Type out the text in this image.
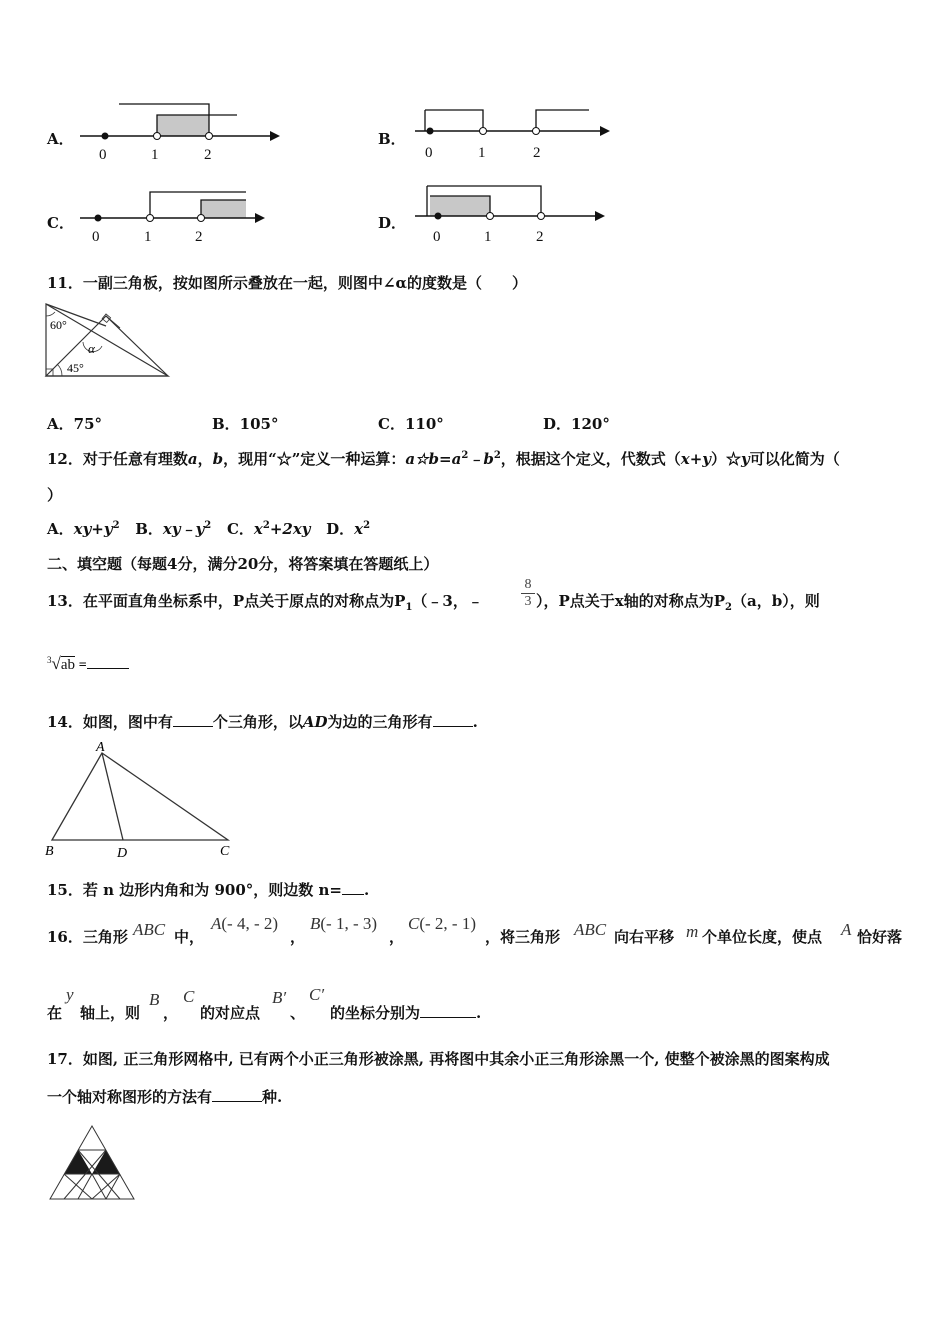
A．
0	1	2
B．
0	1	2
C．
0	1	2
D．
0	1	2
11．一副三角板，按如图所示叠放在一起，则图中∠α的度数是（　　）
60°
45°
α
A．75°	B．105°	C．110°	D．120°
12．对于任意有理数a，b，现用“☆”定义一种运算：$a☆b=a^2﹣b^2$，根据这个定义，代数式（x+y）☆y可以化简为（
）
A．$xy+y^2$ B．$xy﹣y^2$ C．$x^2+2xy$ D．$x^2$
二、填空题（每题4分，满分20分，将答案填在答题纸上）
13．在平面直角坐标系中，P点关于原点的对称点为$P_1(﹣3$，﹣
8
3 ），P点关于x轴的对称点为$P_2(a$，b），则
$^3$√ab =
14．如图，图中有	个三角形，以AD为边的三角形有	.
A
B	D	C
15．若 n 边形内角和为 900°，则边数 n= .
16．三角形 ABC 中，
A(- 4, - 2)
，
B(- 1, - 3)
，
C(- 2, - 1)
，将三角形 ABC 向右平移 m 个单位长度，使点 A 恰好落
在
y
轴上，则
B
，
C
的对应点
B′
、
C′
的坐标分别为	.
17．如图, 正三角形网格中, 已有两个小正三角形被涂黑, 再将图中其余小正三角形涂黑一个, 使整个被涂黑的图案构成
一个轴对称图形的方法有	种.
